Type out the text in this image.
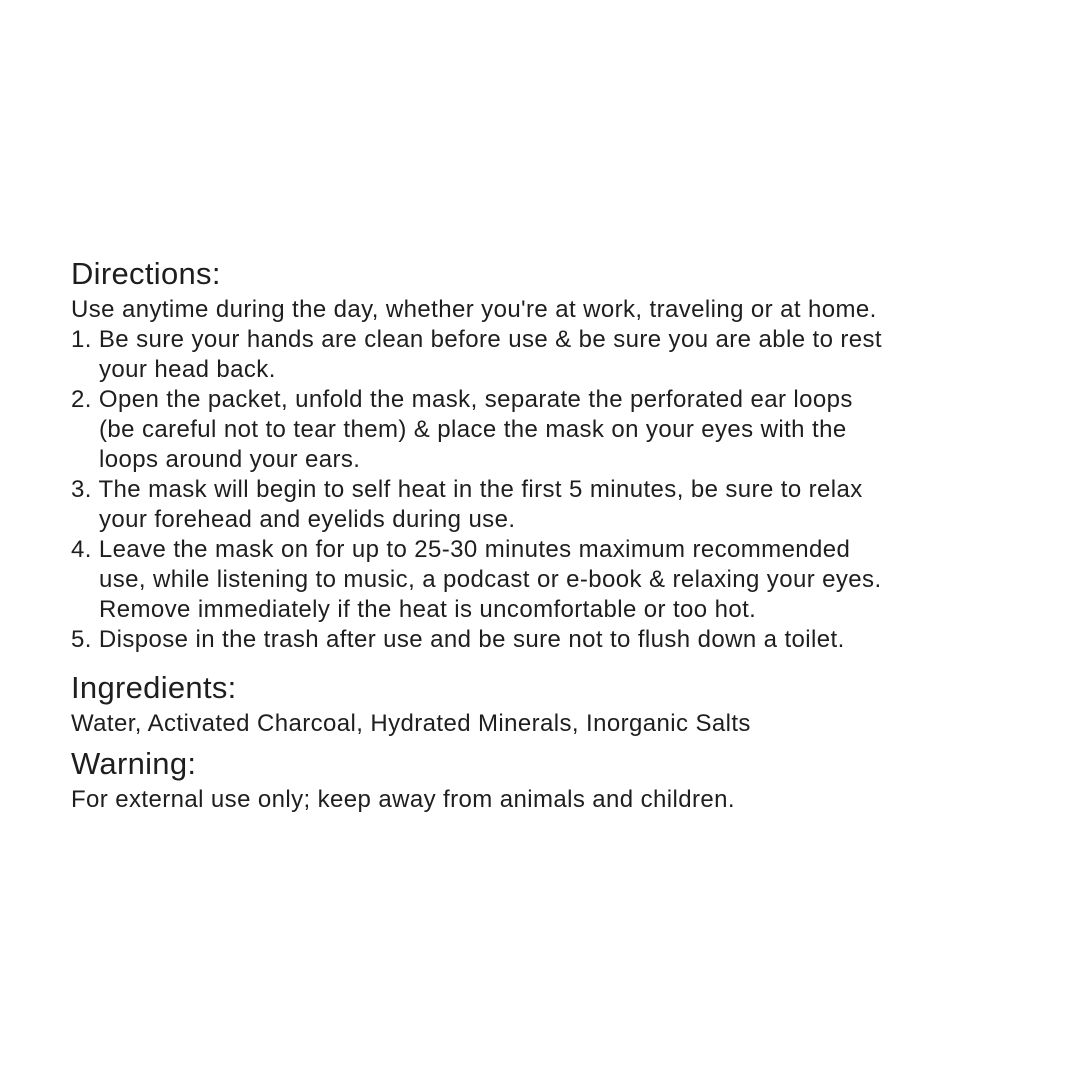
Directions:

Use anytime during the day, whether you're at work, traveling or at home.

1. Be sure your hands are clean before use & be sure you are able to rest

your head back.

2. Open the packet, unfold the mask, separate the perforated ear loops

(be careful not to tear them) & place the mask on your eyes with the

loops around your ears.

3. The mask will begin to self heat in the first 5 minutes, be sure to relax

your forehead and eyelids during use.

4. Leave the mask on for up to 25-30 minutes maximum recommended

use, while listening to music, a podcast or e-book & relaxing your eyes.

Remove immediately if the heat is uncomfortable or too hot.

5. Dispose in the trash after use and be sure not to flush down a toilet.

Ingredients:

Water, Activated Charcoal, Hydrated Minerals, Inorganic Salts

Warning:

For external use only; keep away from animals and children.
